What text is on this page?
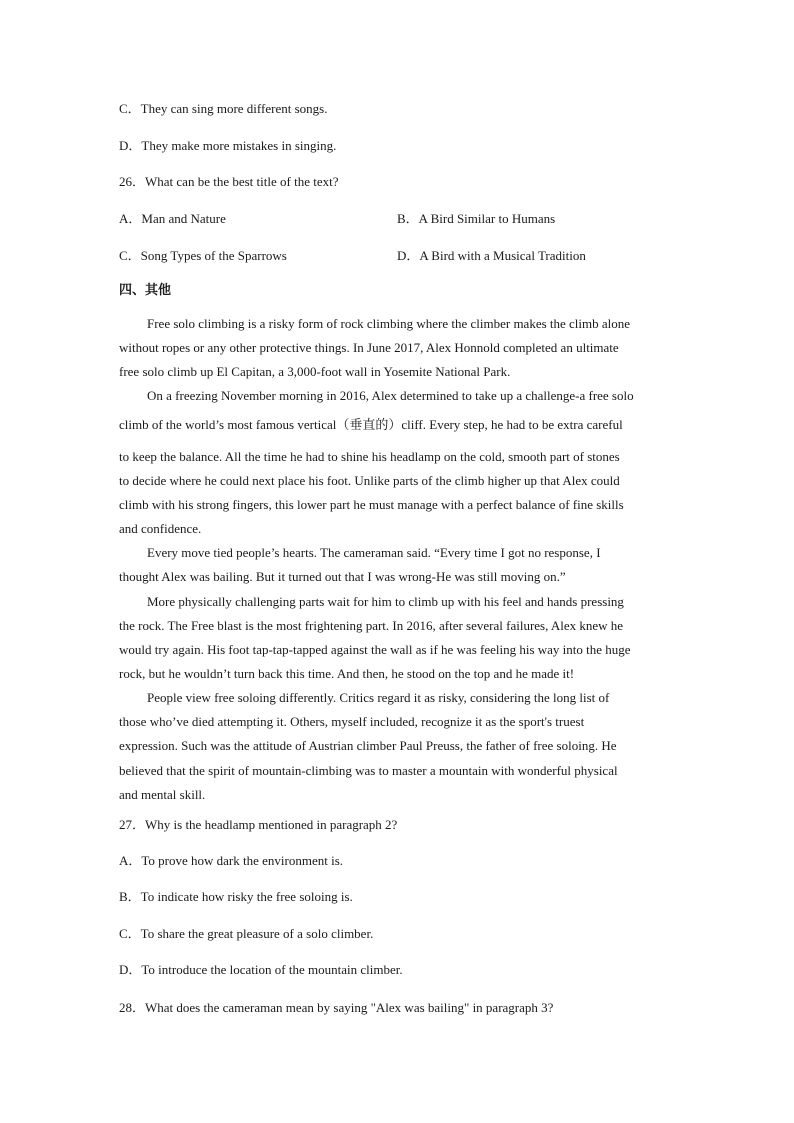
C．They can sing more different songs.
D．They make more mistakes in singing.
26．What can be the best title of the text?
A．Man and Nature	B．A Bird Similar to Humans
C．Song Types of the Sparrows	D．A Bird with a Musical Tradition
四、其他
Free solo climbing is a risky form of rock climbing where the climber makes the climb alone
without ropes or any other protective things. In June 2017, Alex Honnold completed an ultimate
free solo climb up El Capitan, a 3,000-foot wall in Yosemite National Park.
On a freezing November morning in 2016, Alex determined to take up a challenge-a free solo
climb of the world’s most famous vertical（垂直的）cliff. Every step, he had to be extra careful
to keep the balance. All the time he had to shine his headlamp on the cold, smooth part of stones
to decide where he could next place his foot. Unlike parts of the climb higher up that Alex could
climb with his strong fingers, this lower part he must manage with a perfect balance of fine skills
and confidence.
Every move tied people’s hearts. The cameraman said. “Every time I got no response, I
thought Alex was bailing. But it turned out that I was wrong-He was still moving on.”
More physically challenging parts wait for him to climb up with his feel and hands pressing
the rock. The Free blast is the most frightening part. In 2016, after several failures, Alex knew he
would try again. His foot tap-tap-tapped against the wall as if he was feeling his way into the huge
rock, but he wouldn’t turn back this time. And then, he stood on the top and he made it!
People view free soloing differently. Critics regard it as risky, considering the long list of
those who’ve died attempting it. Others, myself included, recognize it as the sport's truest
expression. Such was the attitude of Austrian climber Paul Preuss, the father of free soloing. He
believed that the spirit of mountain-climbing was to master a mountain with wonderful physical
and mental skill.
27．Why is the headlamp mentioned in paragraph 2?
A．To prove how dark the environment is.
B．To indicate how risky the free soloing is.
C．To share the great pleasure of a solo climber.
D．To introduce the location of the mountain climber.
28．What does the cameraman mean by saying "Alex was bailing" in paragraph 3?
